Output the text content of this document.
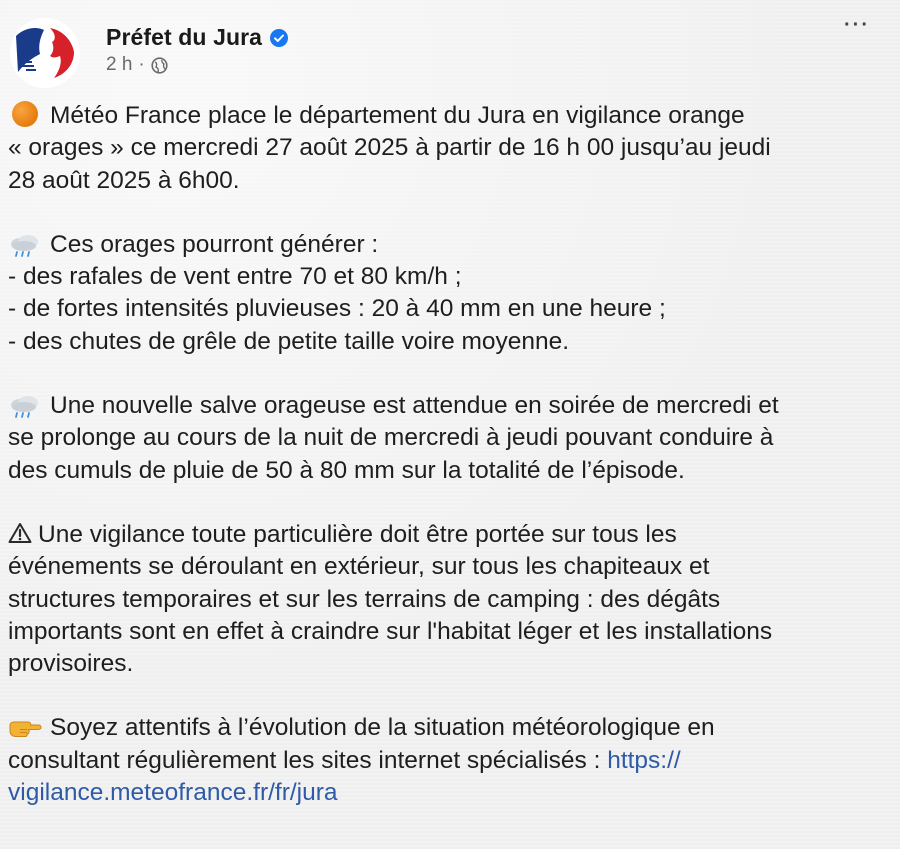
Préfet du Jura
2 h ·
···
Météo France place le département du Jura en vigilance orange
« orages » ce mercredi 27 août 2025 à partir de 16 h 00 jusqu’au jeudi
28 août 2025 à 6h00.
Ces orages pourront générer :
- des rafales de vent entre 70 et 80 km/h ;
- de fortes intensités pluvieuses : 20 à 40 mm en une heure ;
- des chutes de grêle de petite taille voire moyenne.
Une nouvelle salve orageuse est attendue en soirée de mercredi et
se prolonge au cours de la nuit de mercredi à jeudi pouvant conduire à
des cumuls de pluie de 50 à 80 mm sur la totalité de l’épisode.
Une vigilance toute particulière doit être portée sur tous les
événements se déroulant en extérieur, sur tous les chapiteaux et
structures temporaires et sur les terrains de camping : des dégâts
importants sont en effet à craindre sur l'habitat léger et les installations
provisoires.
Soyez attentifs à l’évolution de la situation météorologique en
consultant régulièrement les sites internet spécialisés : https://
vigilance.meteofrance.fr/fr/jura
